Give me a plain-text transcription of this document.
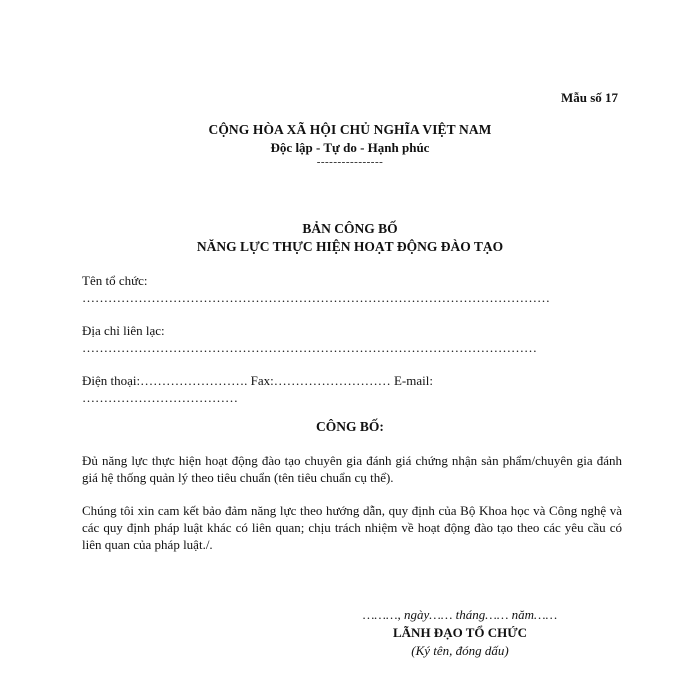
Mẫu số 17
CỘNG HÒA XÃ HỘI CHỦ NGHĨA VIỆT NAM
Độc lập - Tự do - Hạnh phúc
----------------
BẢN CÔNG BỐ
NĂNG LỰC THỰC HIỆN HOẠT ĐỘNG ĐÀO TẠO
Tên tổ chức:
………………………………………………………………………………………………
Địa chỉ liên lạc:
……………………………………………………………………………………………
Điện thoại:……………………. Fax:……………………… E-mail:
………………………………
CÔNG BỐ:
Đủ năng lực thực hiện hoạt động đào tạo chuyên gia đánh giá chứng nhận sản phẩm/chuyên gia đánh giá hệ thống quản lý theo tiêu chuẩn (tên tiêu chuẩn cụ thể).
Chúng tôi xin cam kết bảo đảm năng lực theo hướng dẫn, quy định của Bộ Khoa học và Công nghệ và các quy định pháp luật khác có liên quan; chịu trách nhiệm về hoạt động đào tạo theo các yêu cầu có liên quan của pháp luật./.
………, ngày…… tháng…… năm……
LÃNH ĐẠO TỔ CHỨC
(Ký tên, đóng dấu)
